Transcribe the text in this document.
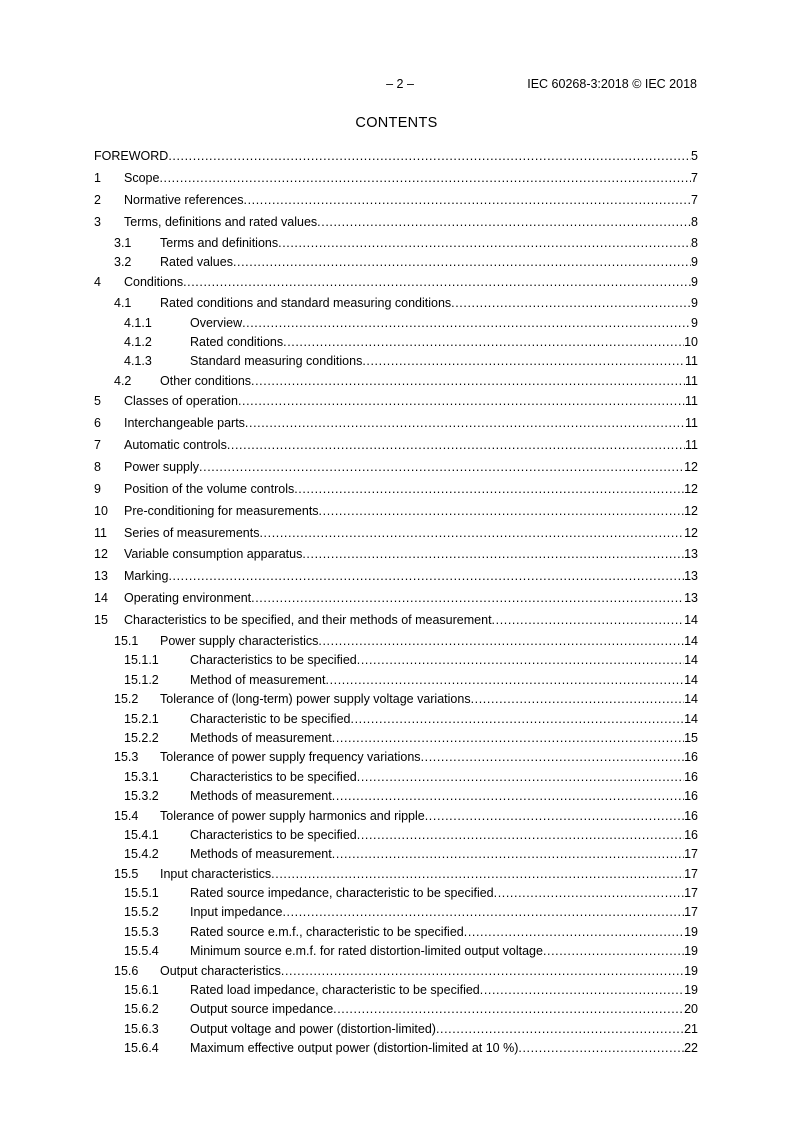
– 2 –	IEC 60268-3:2018 © IEC 2018
CONTENTS
FOREWORD .....	5
1	Scope .....	7
2	Normative references .....	7
3	Terms, definitions and rated values .....	8
3.1	Terms and definitions .....	8
3.2	Rated values .....	9
4	Conditions .....	9
4.1	Rated conditions and standard measuring conditions .....	9
4.1.1	Overview .....	9
4.1.2	Rated conditions .....	10
4.1.3	Standard measuring conditions .....	11
4.2	Other conditions .....	11
5	Classes of operation .....	11
6	Interchangeable parts .....	11
7	Automatic controls .....	11
8	Power supply .....	12
9	Position of the volume controls .....	12
10	Pre-conditioning for measurements .....	12
11	Series of measurements .....	12
12	Variable consumption apparatus .....	13
13	Marking .....	13
14	Operating environment .....	13
15	Characteristics to be specified, and their methods of measurement .....	14
15.1	Power supply characteristics .....	14
15.1.1	Characteristics to be specified .....	14
15.1.2	Method of measurement .....	14
15.2	Tolerance of (long-term) power supply voltage variations .....	14
15.2.1	Characteristic to be specified .....	14
15.2.2	Methods of measurement .....	15
15.3	Tolerance of power supply frequency variations .....	16
15.3.1	Characteristics to be specified .....	16
15.3.2	Methods of measurement .....	16
15.4	Tolerance of power supply harmonics and ripple .....	16
15.4.1	Characteristics to be specified .....	16
15.4.2	Methods of measurement .....	17
15.5	Input characteristics .....	17
15.5.1	Rated source impedance, characteristic to be specified .....	17
15.5.2	Input impedance .....	17
15.5.3	Rated source e.m.f., characteristic to be specified .....	19
15.5.4	Minimum source e.m.f. for rated distortion-limited output voltage .....	19
15.6	Output characteristics .....	19
15.6.1	Rated load impedance, characteristic to be specified .....	19
15.6.2	Output source impedance .....	20
15.6.3	Output voltage and power (distortion-limited) .....	21
15.6.4	Maximum effective output power (distortion-limited at 10 %) .....	22
